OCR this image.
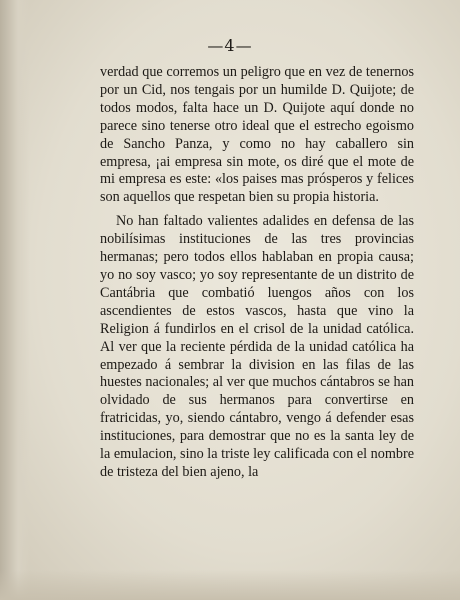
—4—

verdad que corremos un peligro que en vez de tenernos por un Cid, nos tengais por un humilde D. Quijote; de todos modos, falta hace un D. Quijote aquí donde no parece sino tenerse otro ideal que el estrecho egoismo de Sancho Panza, y como no hay caballero sin empresa, ¡ai empresa sin mote, os diré que el mote de mi empresa es este: «los paises mas prósperos y felices son aquellos que respetan bien su propia historia.

No han faltado valientes adalides en defensa de las nobilísimas instituciones de las tres provincias hermanas; pero todos ellos hablaban en propia causa; yo no soy vasco; yo soy representante de un distrito de Cantábria que combatió luengos años con los ascendientes de estos vascos, hasta que vino la Religion á fundirlos en el crisol de la unidad católica. Al ver que la reciente pérdida de la unidad católica ha empezado á sembrar la division en las filas de las huestes nacionales; al ver que muchos cántabros se han olvidado de sus hermanos para convertirse en fratricidas, yo, siendo cántabro, vengo á defender esas instituciones, para demostrar que no es la santa ley de la emulacion, sino la triste ley calificada con el nombre de tristeza del bien ajeno, la
